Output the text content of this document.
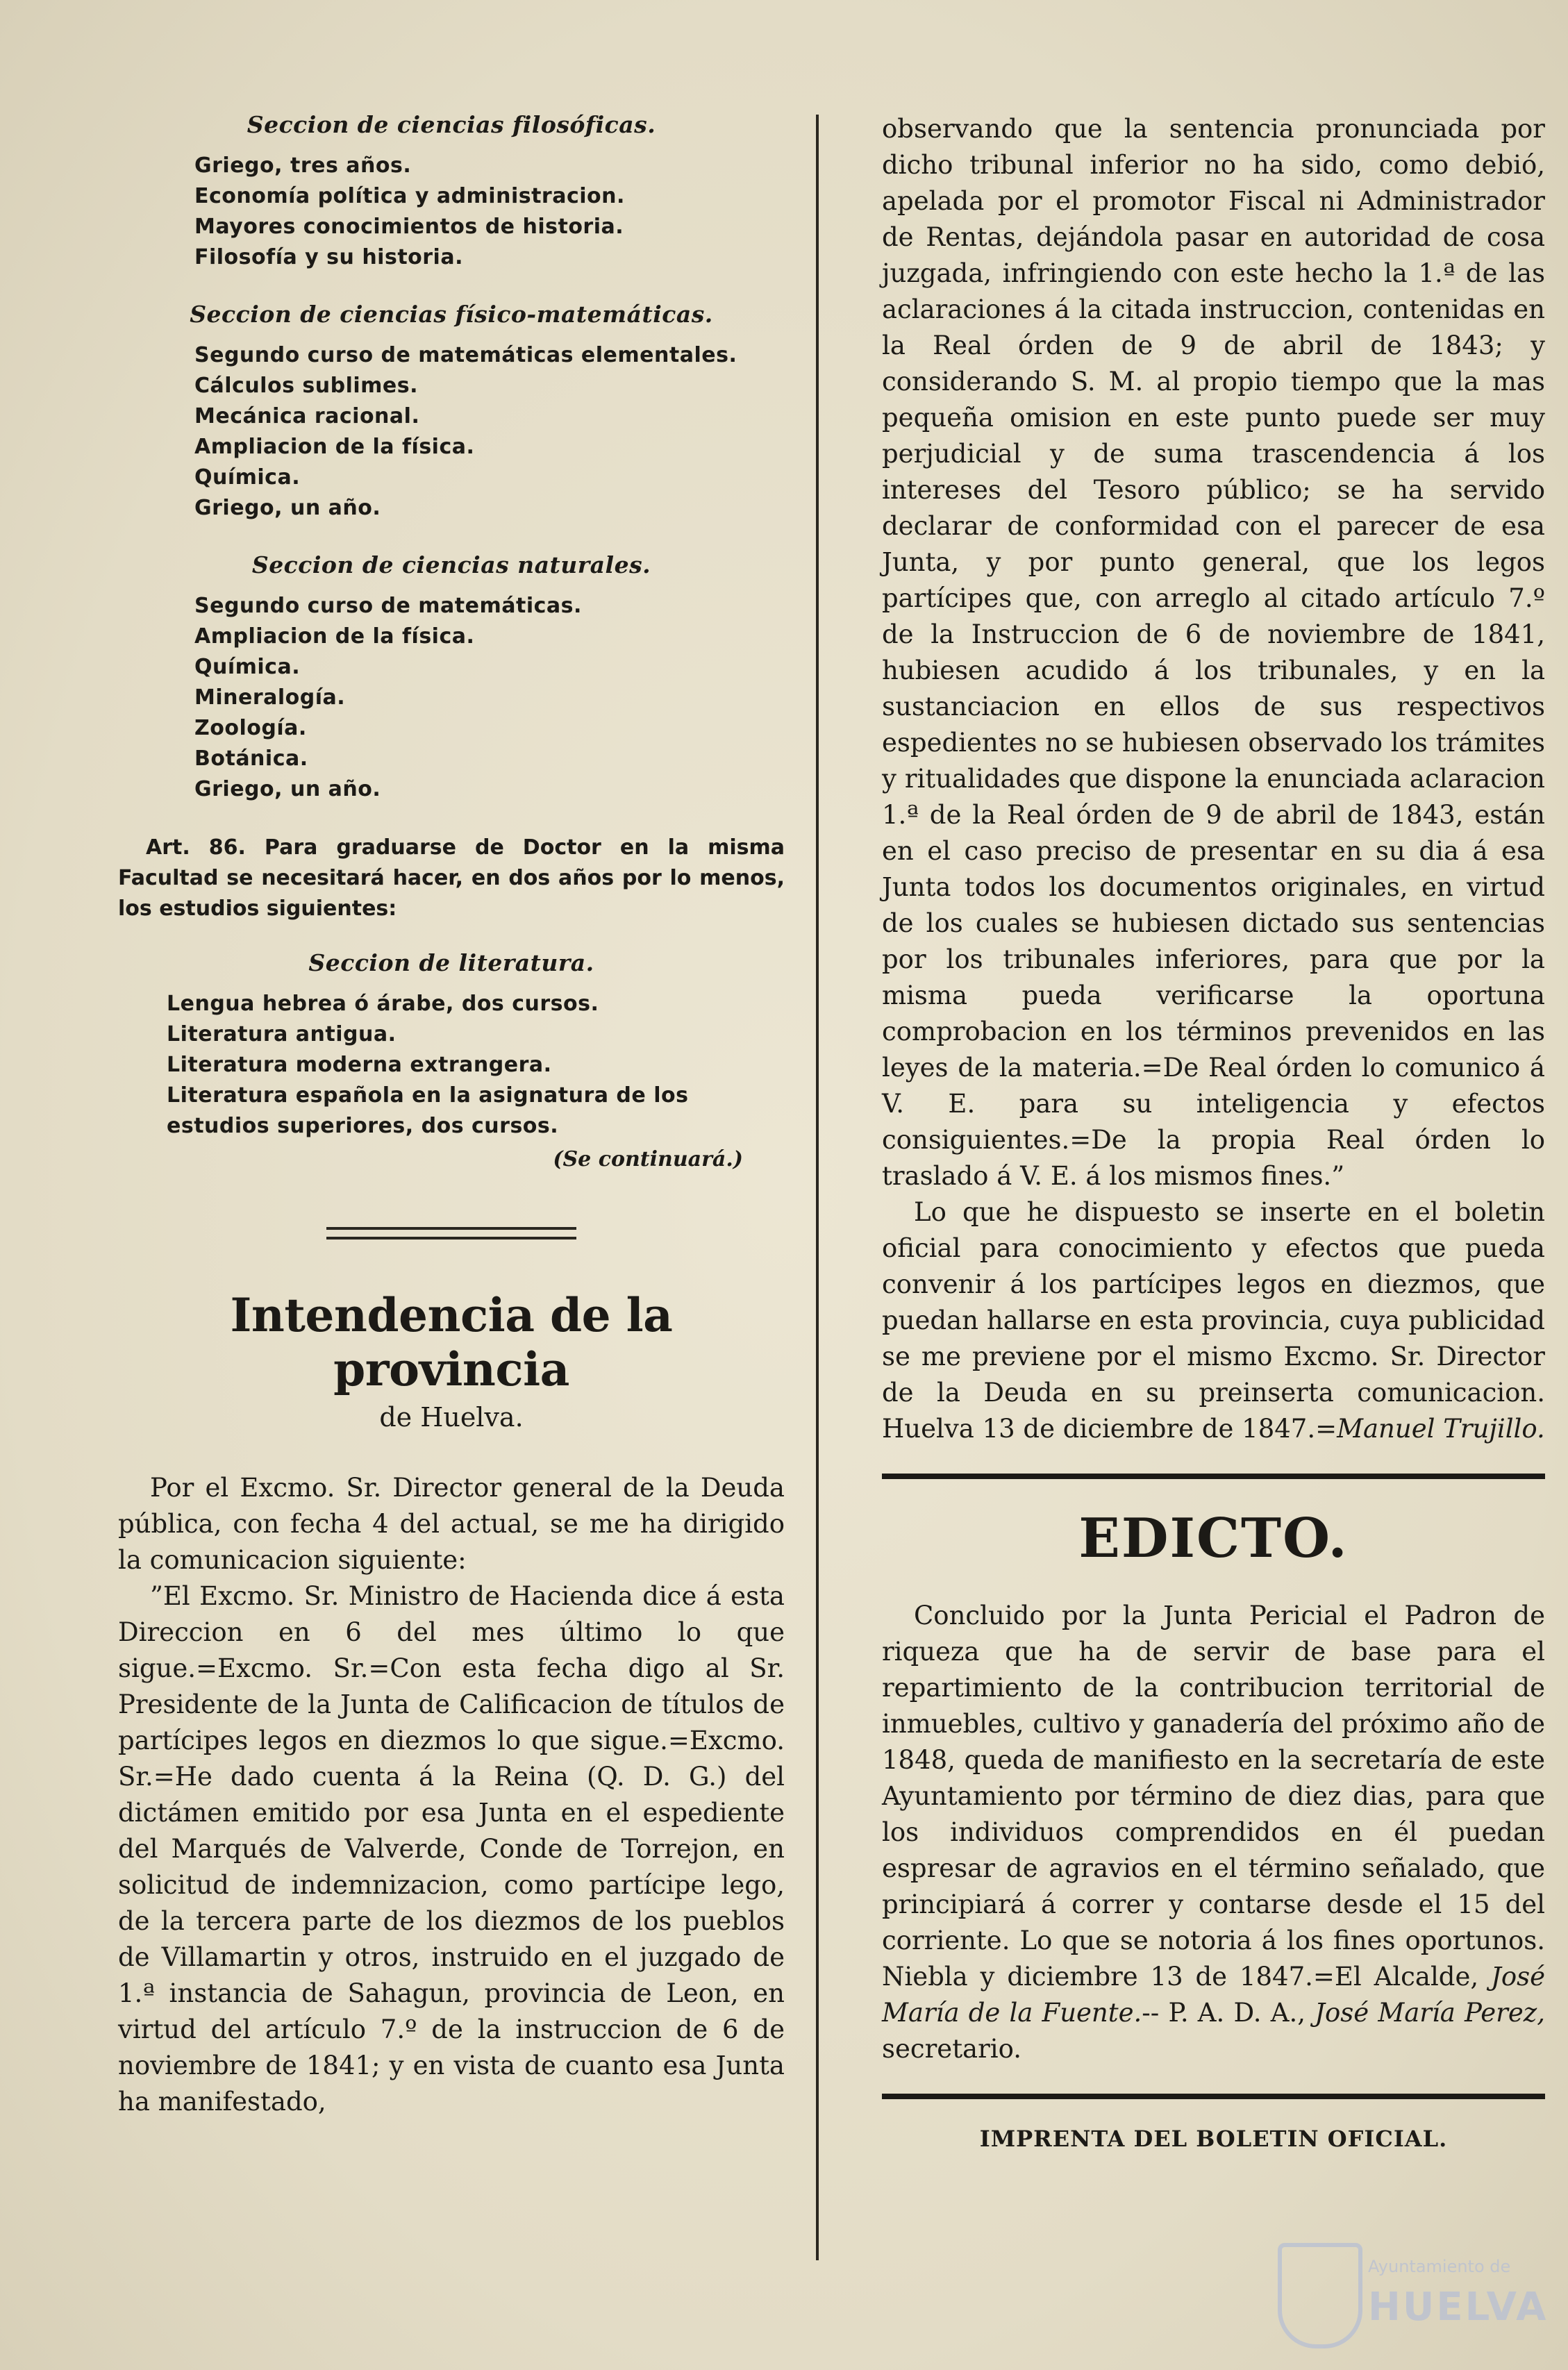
Seccion de ciencias filosóficas.
Griego, tres años.
Economía política y administracion.
Mayores conocimientos de historia.
Filosofía y su historia.
Seccion de ciencias físico-matemáticas.
Segundo curso de matemáticas elementales.
Cálculos sublimes.
Mecánica racional.
Ampliacion de la física.
Química.
Griego, un año.
Seccion de ciencias naturales.
Segundo curso de matemáticas.
Ampliacion de la física.
Química.
Mineralogía.
Zoología.
Botánica.
Griego, un año.

Art. 86. Para graduarse de Doctor en la misma Facultad se necesitará hacer, en dos años por lo menos, los estudios siguientes:

Seccion de literatura.
Lengua hebrea ó árabe, dos cursos.
Literatura antigua.
Literatura moderna extrangera.
Literatura española en la asignatura de los estudios superiores, dos cursos.
(Se continuará.)
Intendencia de la provincia
de Huelva.

Por el Excmo. Sr. Director general de la Deuda pública, con fecha 4 del actual, se me ha dirigido la comunicacion siguiente:

”El Excmo. Sr. Ministro de Hacienda dice á esta Direccion en 6 del mes último lo que sigue.=Excmo. Sr.=Con esta fecha digo al Sr. Presidente de la Junta de Calificacion de títulos de partícipes legos en diezmos lo que sigue.=Excmo. Sr.=He dado cuenta á la Reina (Q. D. G.) del dictámen emitido por esa Junta en el espediente del Marqués de Valverde, Conde de Torrejon, en solicitud de indemnizacion, como partícipe lego, de la tercera parte de los diezmos de los pueblos de Villamartin y otros, instruido en el juzgado de 1.ª instancia de Sahagun, provincia de Leon, en virtud del artículo 7.º de la instruccion de 6 de noviembre de 1841; y en vista de cuanto esa Junta ha manifestado,

observando que la sentencia pronunciada por dicho tribunal inferior no ha sido, como debió, apelada por el promotor Fiscal ni Administrador de Rentas, dejándola pasar en autoridad de cosa juzgada, infringiendo con este hecho la 1.ª de las aclaraciones á la citada instruccion, contenidas en la Real órden de 9 de abril de 1843; y considerando S. M. al propio tiempo que la mas pequeña omision en este punto puede ser muy perjudicial y de suma trascendencia á los intereses del Tesoro público; se ha servido declarar de conformidad con el parecer de esa Junta, y por punto general, que los legos partícipes que, con arreglo al citado artículo 7.º de la Instruccion de 6 de noviembre de 1841, hubiesen acudido á los tribunales, y en la sustanciacion en ellos de sus respectivos espedientes no se hubiesen observado los trámites y ritualidades que dispone la enunciada aclaracion 1.ª de la Real órden de 9 de abril de 1843, están en el caso preciso de presentar en su dia á esa Junta todos los documentos originales, en virtud de los cuales se hubiesen dictado sus sentencias por los tribunales inferiores, para que por la misma pueda verificarse la oportuna comprobacion en los términos prevenidos en las leyes de la materia.=De Real órden lo comunico á V. E. para su inteligencia y efectos consiguientes.=De la propia Real órden lo traslado á V. E. á los mismos fines.”

Lo que he dispuesto se inserte en el boletin oficial para conocimiento y efectos que pueda convenir á los partícipes legos en diezmos, que puedan hallarse en esta provincia, cuya publicidad se me previene por el mismo Excmo. Sr. Director de la Deuda en su preinserta comunicacion. Huelva 13 de diciembre de 1847.=Manuel Trujillo.

EDICTO.

Concluido por la Junta Pericial el Padron de riqueza que ha de servir de base para el repartimiento de la contribucion territorial de inmuebles, cultivo y ganadería del próximo año de 1848, queda de manifiesto en la secretaría de este Ayuntamiento por término de diez dias, para que los individuos comprendidos en él puedan espresar de agravios en el término señalado, que principiará á correr y contarse desde el 15 del corriente. Lo que se notoria á los fines oportunos. Niebla y diciembre 13 de 1847.=El Alcalde, José María de la Fuente.-- P. A. D. A., José María Perez, secretario.

IMPRENTA DEL BOLETIN OFICIAL.
Ayuntamiento de
HUELVA
